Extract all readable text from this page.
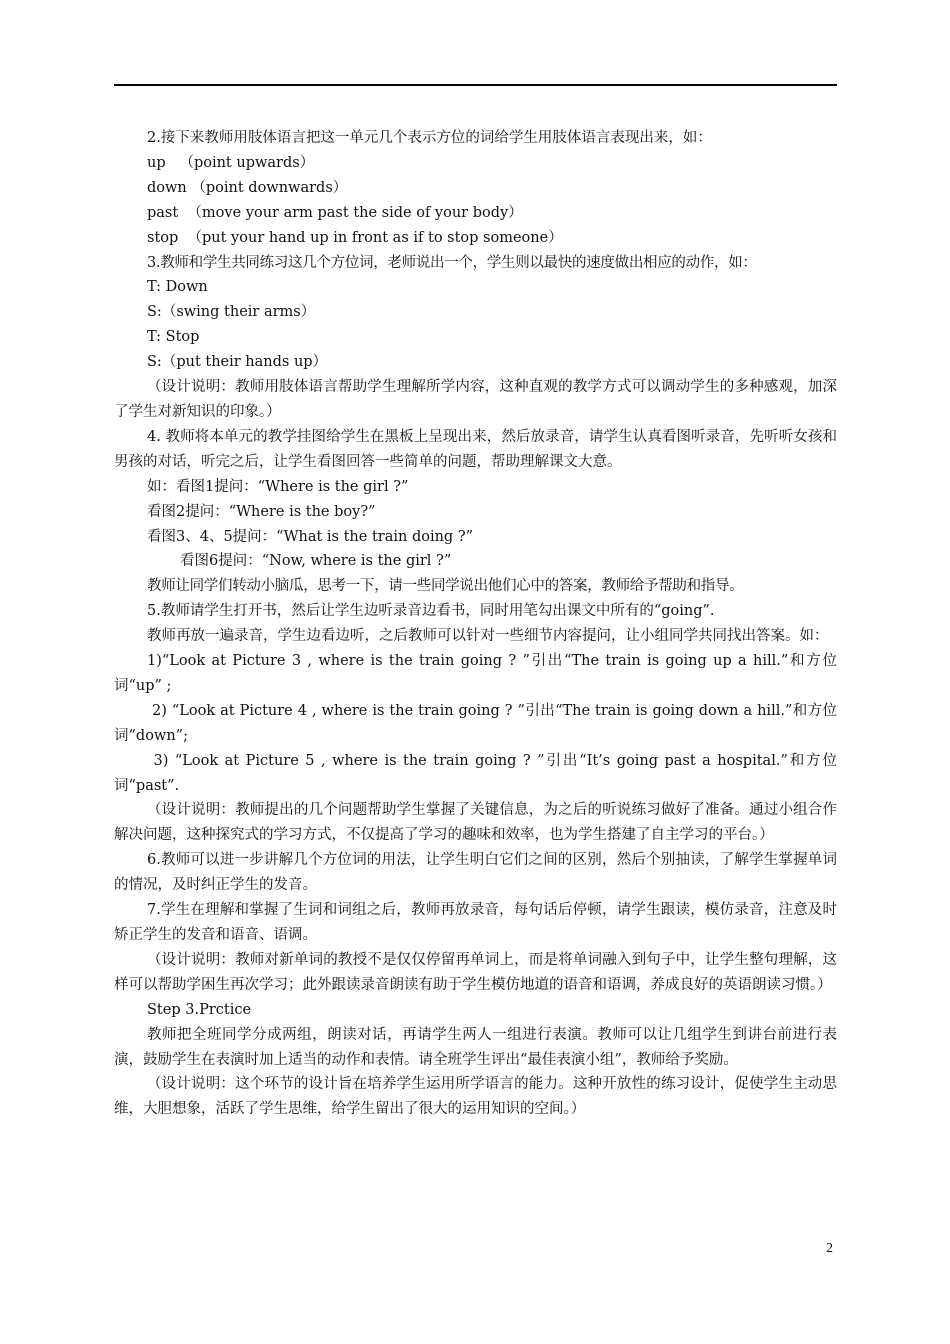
2.接下来教师用肢体语言把这一单元几个表示方位的词给学生用肢体语言表现出来，如：

up   （point upwards）

down （point downwards）

past  （move your arm past the side of your body）

stop  （put your hand up in front as if to stop someone）

3.教师和学生共同练习这几个方位词，老师说出一个，学生则以最快的速度做出相应的动作，如：

T: Down

S:（swing their arms）

T: Stop

S:（put their hands up）

（设计说明：教师用肢体语言帮助学生理解所学内容，这种直观的教学方式可以调动学生的多种感观，加深了学生对新知识的印象。）

4. 教师将本单元的教学挂图给学生在黑板上呈现出来，然后放录音，请学生认真看图听录音，先听听女孩和男孩的对话，听完之后，让学生看图回答一些简单的问题，帮助理解课文大意。

如：看图1提问：“Where is the girl ?”

看图2提问：“Where is the boy?”

看图3、4、5提问：“What is the train doing ?”

看图6提问：“Now, where is the girl ?”

教师让同学们转动小脑瓜，思考一下，请一些同学说出他们心中的答案，教师给予帮助和指导。

5.教师请学生打开书，然后让学生边听录音边看书，同时用笔勾出课文中所有的“going”.

教师再放一遍录音，学生边看边听，之后教师可以针对一些细节内容提问，让小组同学共同找出答案。如：

1)“Look at Picture 3 , where is the train going ? ”引出“The train is going up a hill.”和方位词“up” ;

2) “Look at Picture 4 , where is the train going ? ”引出“The train is going down a hill.”和方位词“down”;

3) “Look at Picture 5 , where is the train going ? ”引出“It’s going past a hospital.”和方位词“past”.

（设计说明：教师提出的几个问题帮助学生掌握了关键信息，为之后的听说练习做好了准备。通过小组合作解决问题，这种探究式的学习方式，不仅提高了学习的趣味和效率，也为学生搭建了自主学习的平台。）

6.教师可以进一步讲解几个方位词的用法，让学生明白它们之间的区别，然后个别抽读，了解学生掌握单词的情况，及时纠正学生的发音。

7.学生在理解和掌握了生词和词组之后，教师再放录音，每句话后停顿，请学生跟读，模仿录音，注意及时矫正学生的发音和语音、语调。

（设计说明：教师对新单词的教授不是仅仅停留再单词上，而是将单词融入到句子中，让学生整句理解，这样可以帮助学困生再次学习；此外跟读录音朗读有助于学生模仿地道的语音和语调，养成良好的英语朗读习惯。）

Step 3.Prctice

教师把全班同学分成两组，朗读对话，再请学生两人一组进行表演。教师可以让几组学生到讲台前进行表演，鼓励学生在表演时加上适当的动作和表情。请全班学生评出“最佳表演小组”，教师给予奖励。

（设计说明：这个环节的设计旨在培养学生运用所学语言的能力。这种开放性的练习设计，促使学生主动思维，大胆想象，活跃了学生思维，给学生留出了很大的运用知识的空间。）

2
